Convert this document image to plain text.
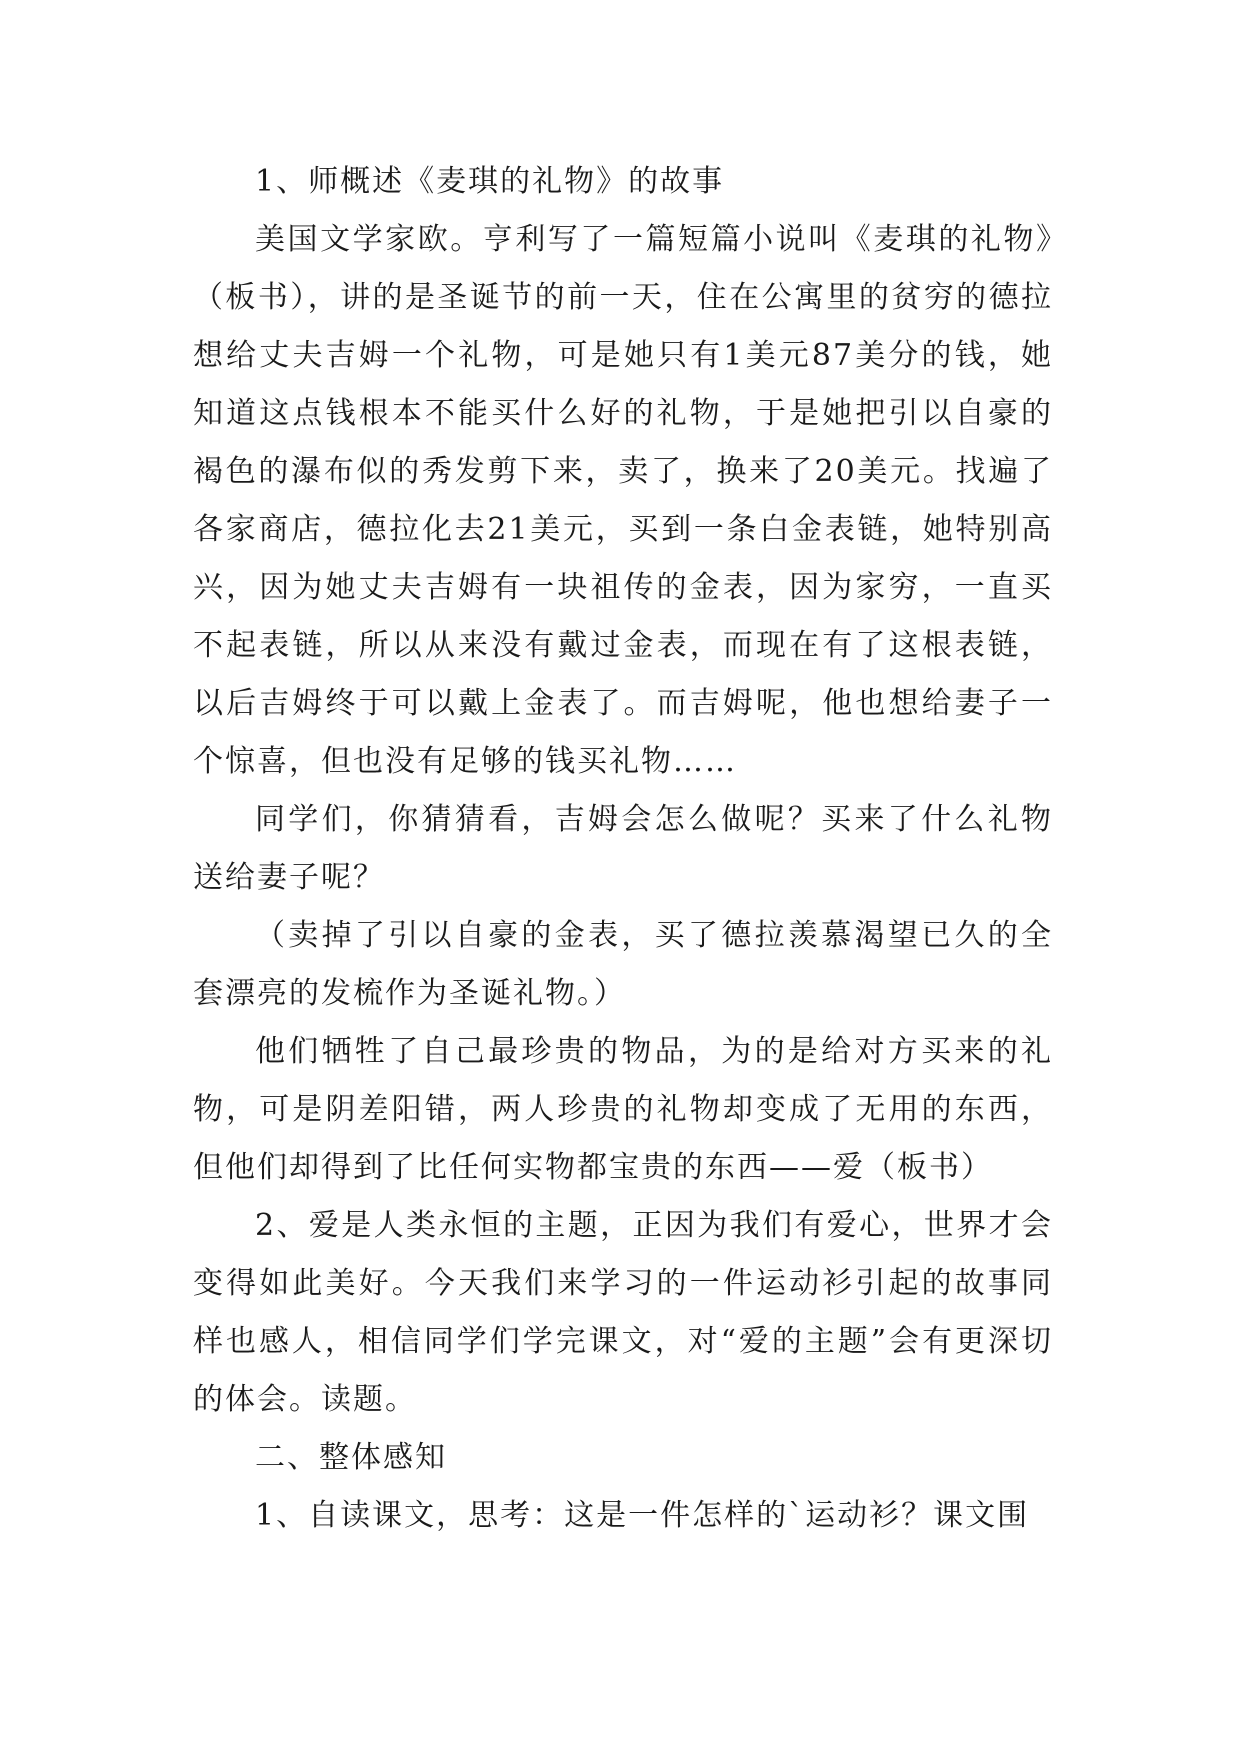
1、师概述《麦琪的礼物》的故事

美国文学家欧。亨利写了一篇短篇小说叫《麦琪的礼物》（板书），讲的是圣诞节的前一天，住在公寓里的贫穷的德拉想给丈夫吉姆一个礼物，可是她只有1美元87美分的钱，她知道这点钱根本不能买什么好的礼物，于是她把引以自豪的褐色的瀑布似的秀发剪下来，卖了，换来了20美元。找遍了各家商店，德拉化去21美元，买到一条白金表链，她特别高兴，因为她丈夫吉姆有一块祖传的金表，因为家穷，一直买不起表链，所以从来没有戴过金表，而现在有了这根表链，以后吉姆终于可以戴上金表了。而吉姆呢，他也想给妻子一个惊喜，但也没有足够的钱买礼物……

同学们，你猜猜看，吉姆会怎么做呢？买来了什么礼物送给妻子呢？

（卖掉了引以自豪的金表，买了德拉羡慕渴望已久的全套漂亮的发梳作为圣诞礼物。）

他们牺牲了自己最珍贵的物品，为的是给对方买来的礼物，可是阴差阳错，两人珍贵的礼物却变成了无用的东西，但他们却得到了比任何实物都宝贵的东西——爱（板书）

2、爱是人类永恒的主题，正因为我们有爱心，世界才会变得如此美好。今天我们来学习的一件运动衫引起的故事同样也感人，相信同学们学完课文，对“爱的主题”会有更深切的体会。读题。

二、整体感知

1、自读课文，思考：这是一件怎样的`运动衫？课文围
